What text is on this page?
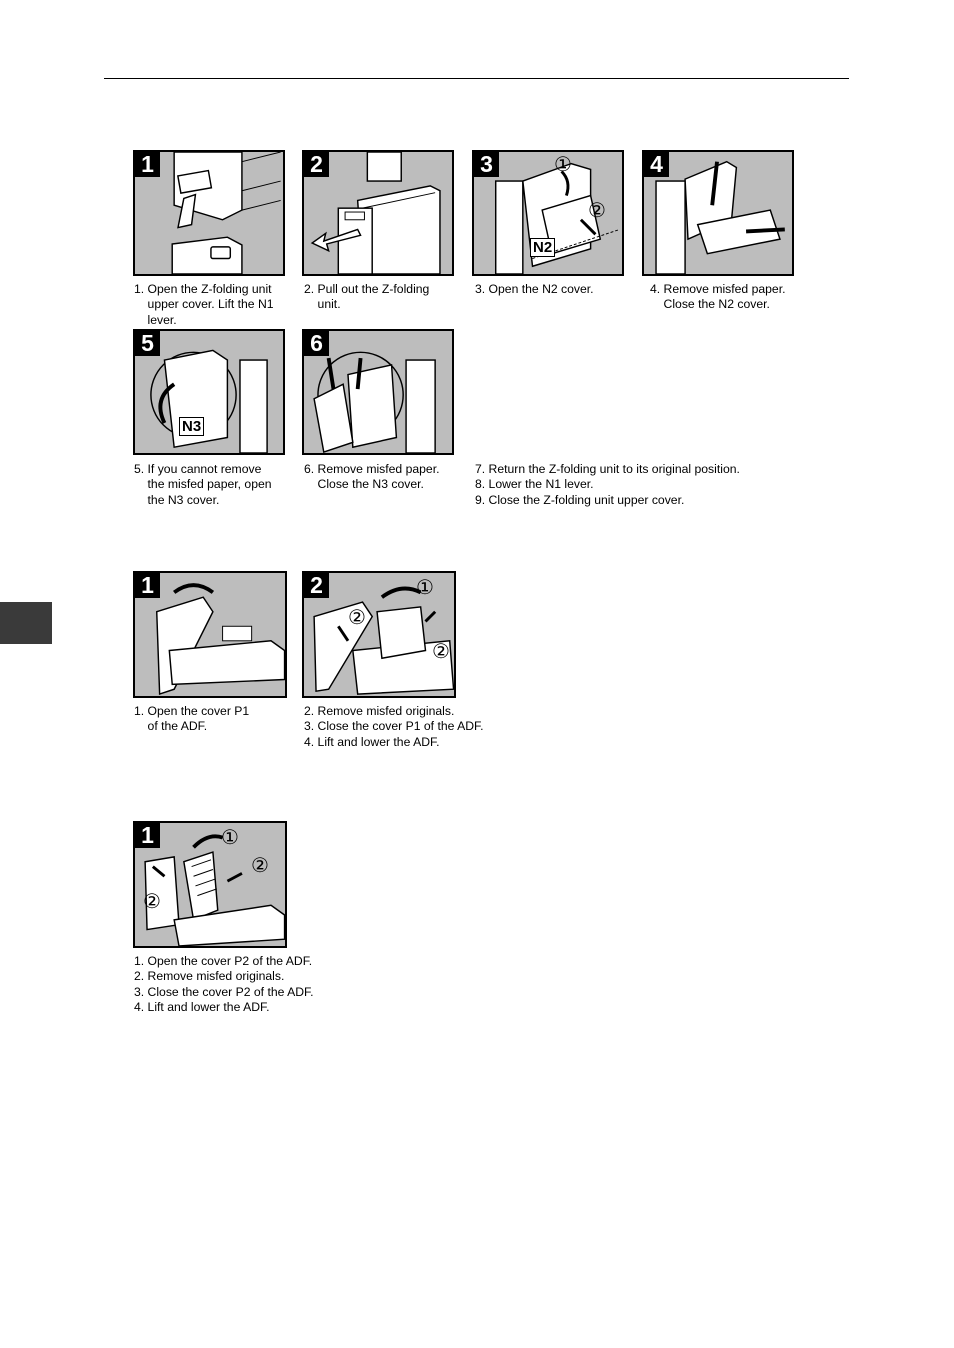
1
1. Open the Z-folding unit
upper cover. Lift the N1
lever.
2
2. Pull out the Z-folding
unit.
①
②
N2
3
3. Open the N2 cover.
4
4. Remove misfed paper.
Close the N2 cover.
N3
5
5. If you cannot remove
the misfed paper, open
the N3 cover.
6
6. Remove misfed paper.
Close the N3 cover.
7. Return the Z-folding unit to its original position.
8. Lower the N1 lever.
9. Close the Z-folding unit upper cover.
1
1. Open the cover P1
of the ADF.
①
②
②
2
2. Remove misfed originals.
3. Close the cover P1 of the ADF.
4. Lift and lower the ADF.
①
②
②
1
1. Open the cover P2 of the ADF.
2. Remove misfed originals.
3. Close the cover P2 of the ADF.
4. Lift and lower the ADF.
